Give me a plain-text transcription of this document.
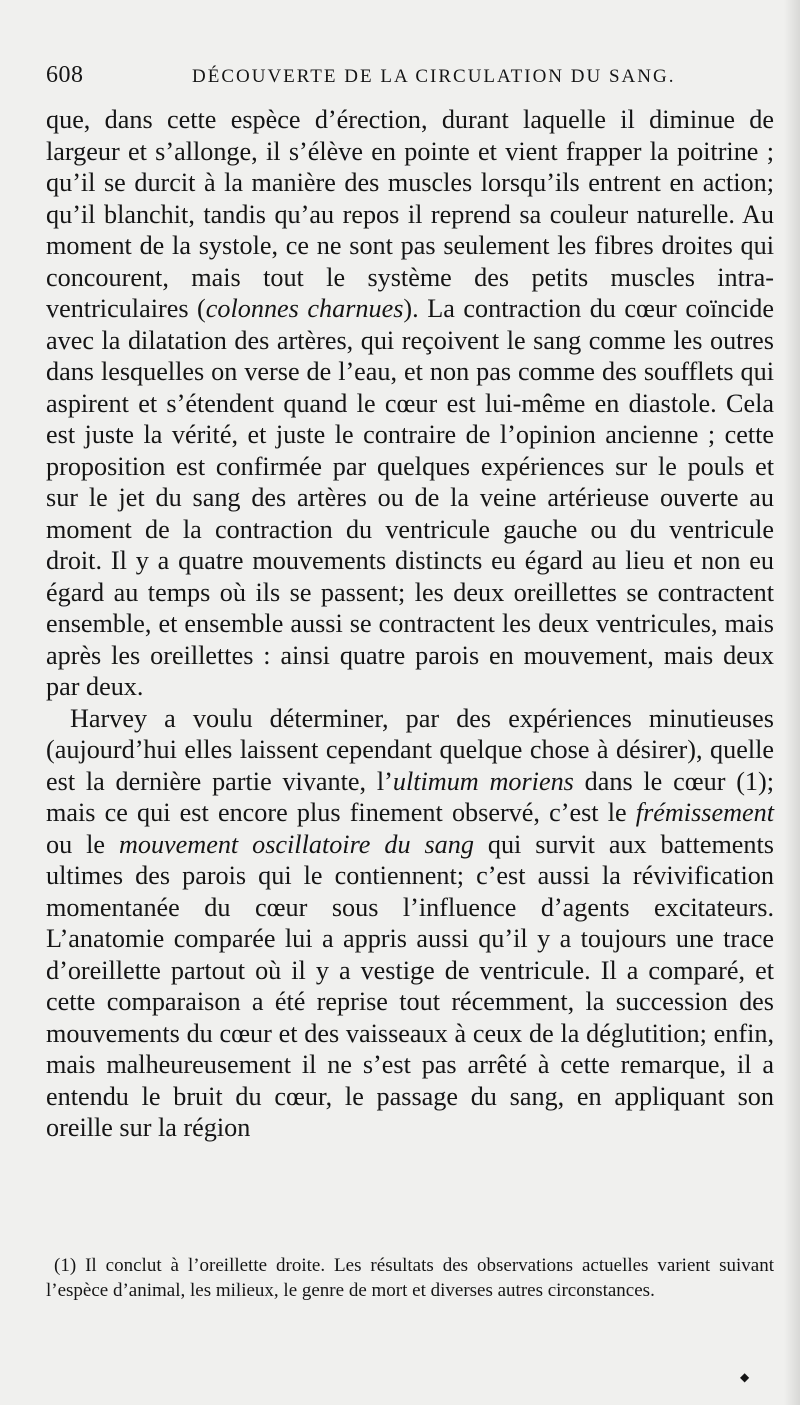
608	DÉCOUVERTE DE LA CIRCULATION DU SANG.

que, dans cette espèce d’érection, durant laquelle il diminue de largeur et s’allonge, il s’élève en pointe et vient frapper la poitrine ; qu’il se durcit à la manière des muscles lorsqu’ils entrent en action; qu’il blanchit, tandis qu’au repos il reprend sa couleur naturelle. Au moment de la systole, ce ne sont pas seulement les fibres droites qui concourent, mais tout le système des petits muscles intra-ventriculaires (colonnes charnues). La contraction du cœur coïncide avec la dilatation des artères, qui reçoivent le sang comme les outres dans lesquelles on verse de l’eau, et non pas comme des soufflets qui aspirent et s’étendent quand le cœur est lui-même en diastole. Cela est juste la vérité, et juste le contraire de l’opinion ancienne ; cette proposition est confirmée par quelques expériences sur le pouls et sur le jet du sang des artères ou de la veine artérieuse ouverte au moment de la contraction du ventricule gauche ou du ventricule droit. Il y a quatre mouvements distincts eu égard au lieu et non eu égard au temps où ils se passent; les deux oreillettes se contractent ensemble, et ensemble aussi se contractent les deux ventricules, mais après les oreillettes : ainsi quatre parois en mouvement, mais deux par deux.

Harvey a voulu déterminer, par des expériences minutieuses (aujourd’hui elles laissent cependant quelque chose à désirer), quelle est la dernière partie vivante, l’ultimum moriens dans le cœur (1); mais ce qui est encore plus finement observé, c’est le frémissement ou le mouvement oscillatoire du sang qui survit aux battements ultimes des parois qui le contiennent; c’est aussi la révivification momentanée du cœur sous l’influence d’agents excitateurs. L’anatomie comparée lui a appris aussi qu’il y a toujours une trace d’oreillette partout où il y a vestige de ventricule. Il a comparé, et cette comparaison a été reprise tout récemment, la succession des mouvements du cœur et des vaisseaux à ceux de la déglutition; enfin, mais malheureusement il ne s’est pas arrêté à cette remarque, il a entendu le bruit du cœur, le passage du sang, en appliquant son oreille sur la région

(1) Il conclut à l’oreillette droite. Les résultats des observations actuelles varient suivant l’espèce d’animal, les milieux, le genre de mort et diverses autres circonstances.

◆
